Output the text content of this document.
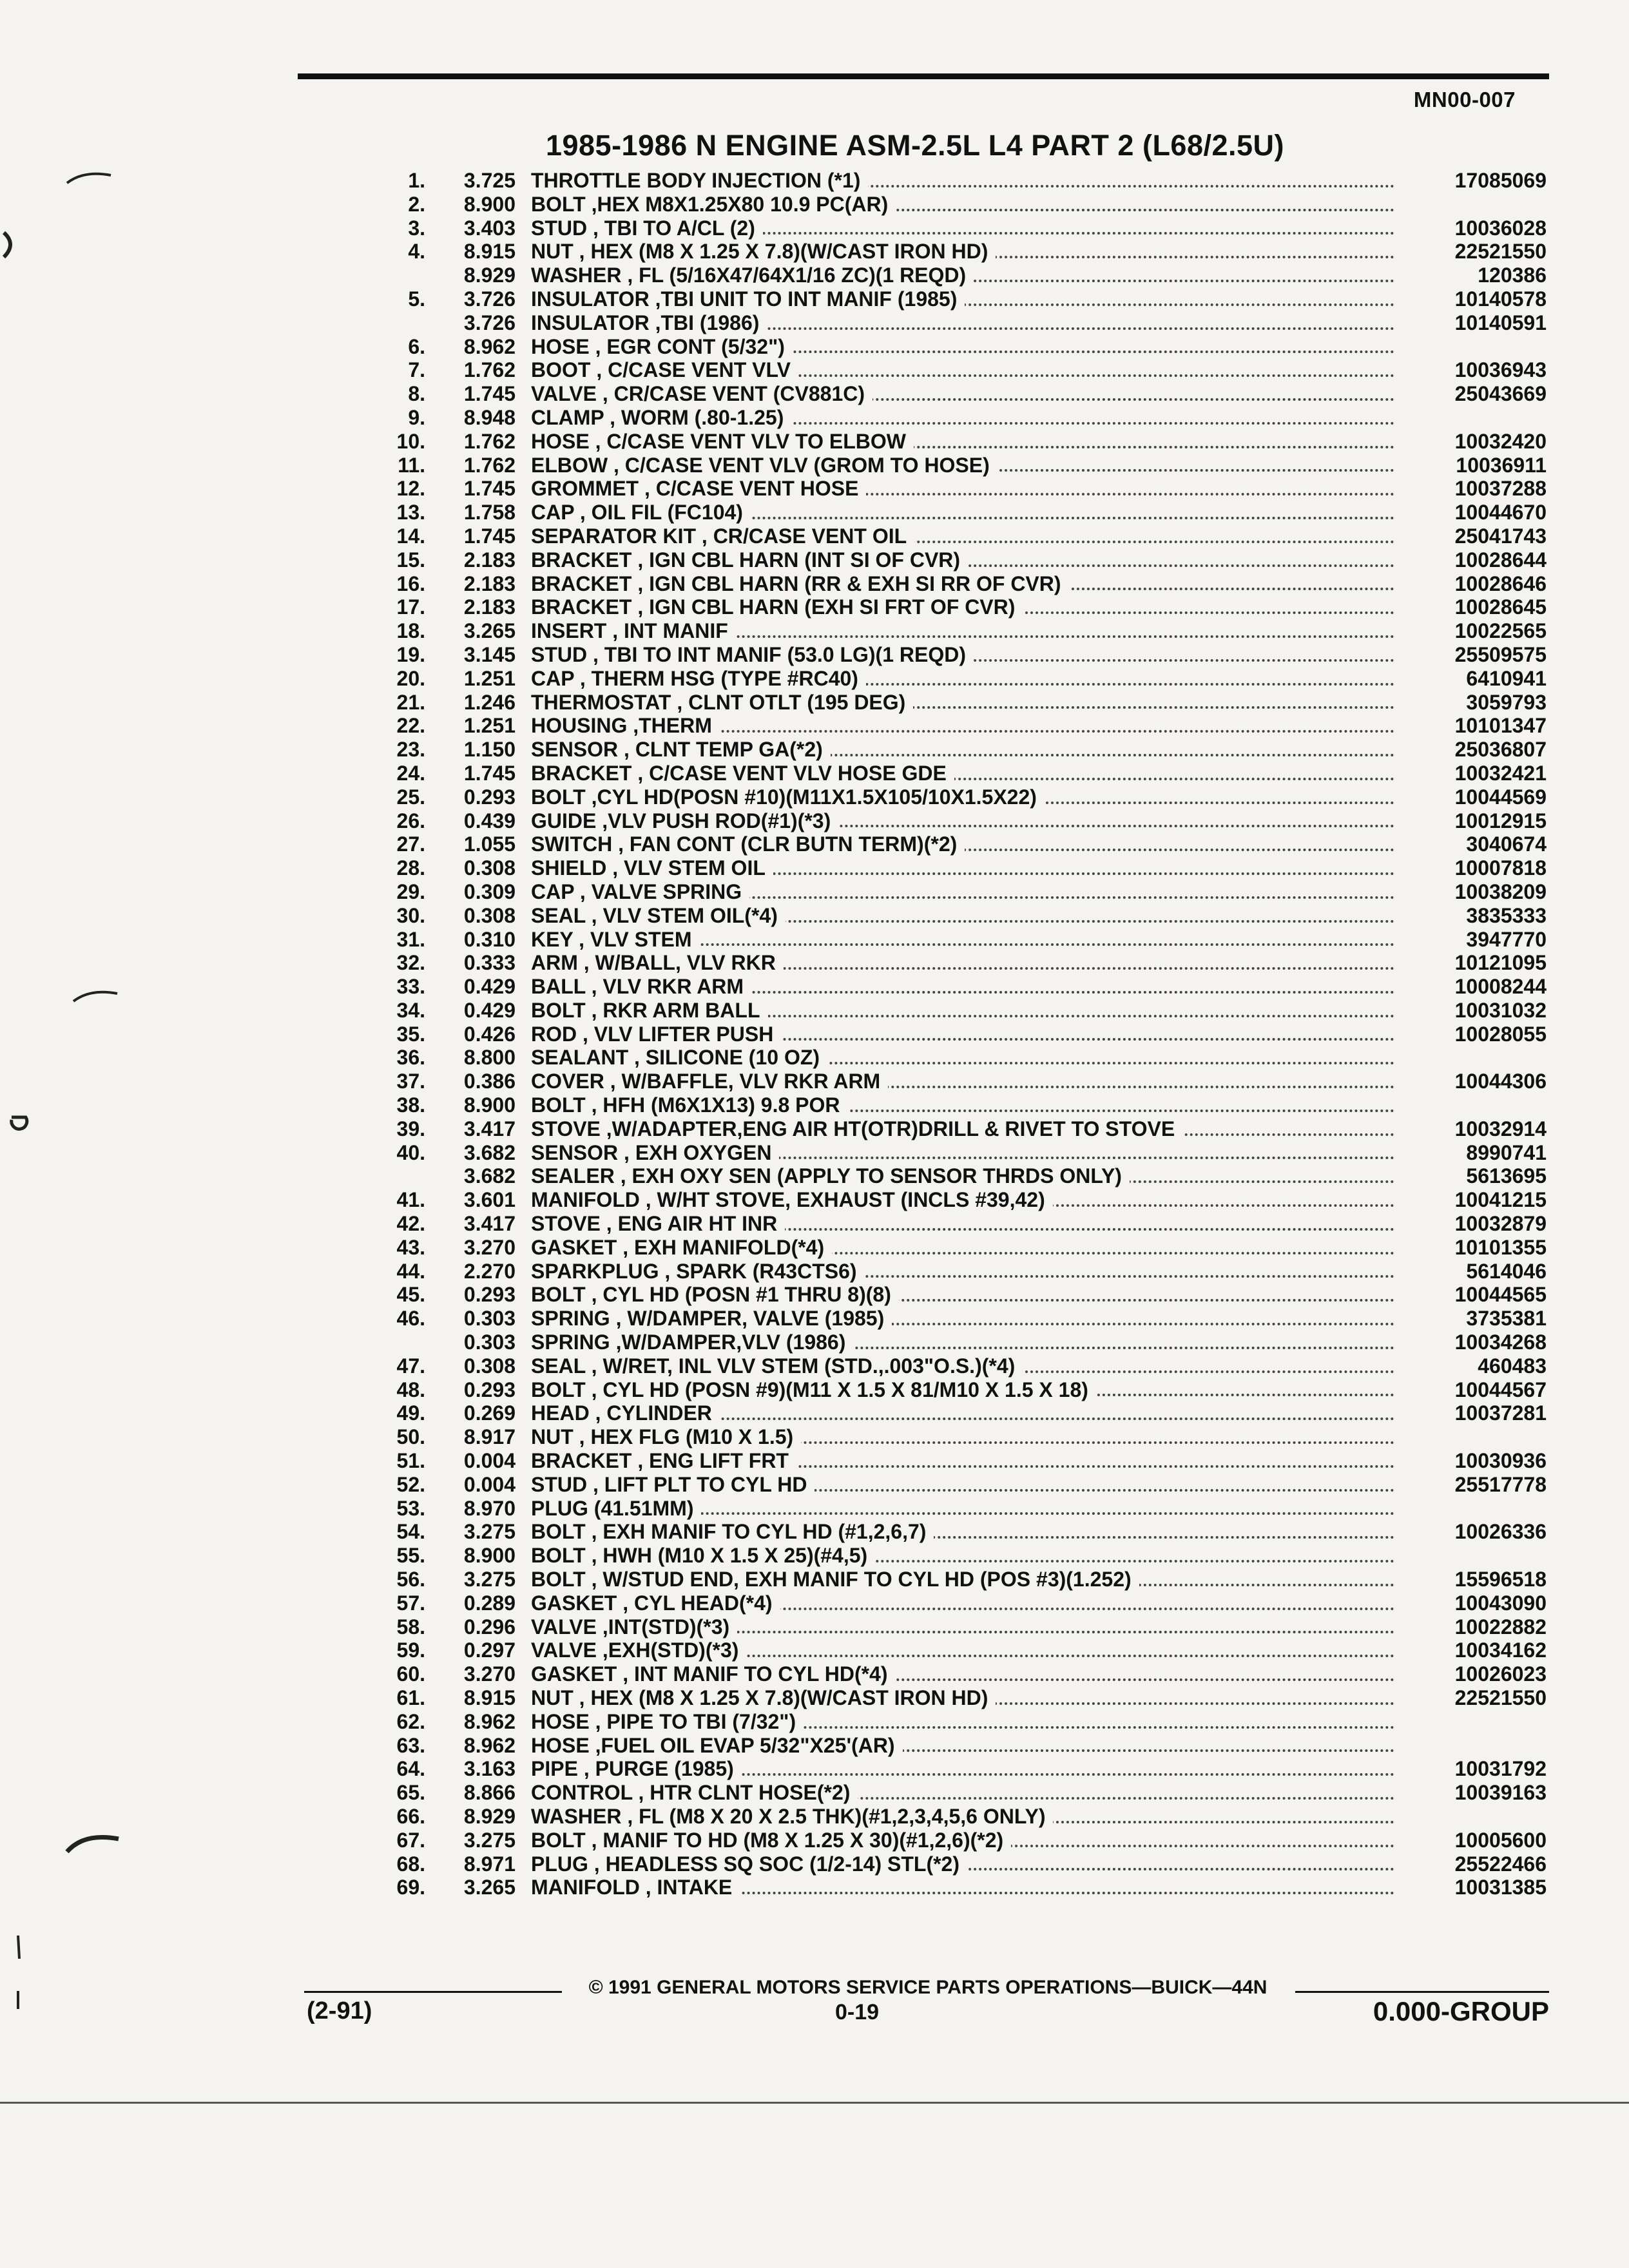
MN00-007
1985-1986 N ENGINE ASM-2.5L L4 PART 2 (L68/2.5U)
1.	3.725 THROTTLE BODY INJECTION (*1)	17085069
2.	8.900 BOLT ,HEX M8X1.25X80 10.9 PC(AR)
3.	3.403 STUD , TBI TO A/CL (2)	10036028
4.	8.915 NUT , HEX (M8 X 1.25 X 7.8)(W/CAST IRON HD)	22521550
8.929 WASHER , FL (5/16X47/64X1/16 ZC)(1 REQD)	120386
5.	3.726 INSULATOR ,TBI UNIT TO INT MANIF (1985)	10140578
3.726 INSULATOR ,TBI (1986)	10140591
6.	8.962 HOSE , EGR CONT (5/32")
7.	1.762 BOOT , C/CASE VENT VLV	10036943
8.	1.745 VALVE , CR/CASE VENT (CV881C)	25043669
9.	8.948 CLAMP , WORM (.80-1.25)
10.	1.762 HOSE , C/CASE VENT VLV TO ELBOW	10032420
11.	1.762 ELBOW , C/CASE VENT VLV (GROM TO HOSE)	10036911
12.	1.745 GROMMET , C/CASE VENT HOSE	10037288
13.	1.758 CAP , OIL FIL (FC104)	10044670
14.	1.745 SEPARATOR KIT , CR/CASE VENT OIL	25041743
15.	2.183 BRACKET , IGN CBL HARN (INT SI OF CVR)	10028644
16.	2.183 BRACKET , IGN CBL HARN (RR & EXH SI RR OF CVR)	10028646
17.	2.183 BRACKET , IGN CBL HARN (EXH SI FRT OF CVR)	10028645
18.	3.265 INSERT , INT MANIF	10022565
19.	3.145 STUD , TBI TO INT MANIF (53.0 LG)(1 REQD)	25509575
20.	1.251 CAP , THERM HSG (TYPE #RC40)	6410941
21.	1.246 THERMOSTAT , CLNT OTLT (195 DEG)	3059793
22.	1.251 HOUSING ,THERM	10101347
23.	1.150 SENSOR , CLNT TEMP GA(*2)	25036807
24.	1.745 BRACKET , C/CASE VENT VLV HOSE GDE	10032421
25.	0.293 BOLT ,CYL HD(POSN #10)(M11X1.5X105/10X1.5X22)	10044569
26.	0.439 GUIDE ,VLV PUSH ROD(#1)(*3)	10012915
27.	1.055 SWITCH , FAN CONT (CLR BUTN TERM)(*2)	3040674
28.	0.308 SHIELD , VLV STEM OIL	10007818
29.	0.309 CAP , VALVE SPRING	10038209
30.	0.308 SEAL , VLV STEM OIL(*4)	3835333
31.	0.310 KEY , VLV STEM	3947770
32.	0.333 ARM , W/BALL, VLV RKR	10121095
33.	0.429 BALL , VLV RKR ARM	10008244
34.	0.429 BOLT , RKR ARM BALL	10031032
35.	0.426 ROD , VLV LIFTER PUSH	10028055
36.	8.800 SEALANT , SILICONE (10 OZ)
37.	0.386 COVER , W/BAFFLE, VLV RKR ARM	10044306
38.	8.900 BOLT , HFH (M6X1X13) 9.8 POR
39.	3.417 STOVE ,W/ADAPTER,ENG AIR HT(OTR)DRILL & RIVET TO STOVE	10032914
40.	3.682 SENSOR , EXH OXYGEN	8990741
3.682 SEALER , EXH OXY SEN (APPLY TO SENSOR THRDS ONLY)	5613695
41.	3.601 MANIFOLD , W/HT STOVE, EXHAUST (INCLS #39,42)	10041215
42.	3.417 STOVE , ENG AIR HT INR	10032879
43.	3.270 GASKET , EXH MANIFOLD(*4)	10101355
44.	2.270 SPARKPLUG , SPARK (R43CTS6)	5614046
45.	0.293 BOLT , CYL HD (POSN #1 THRU 8)(8)	10044565
46.	0.303 SPRING , W/DAMPER, VALVE (1985)	3735381
0.303 SPRING ,W/DAMPER,VLV (1986)	10034268
47.	0.308 SEAL , W/RET, INL VLV STEM (STD.,.003"O.S.)(*4)	460483
48.	0.293 BOLT , CYL HD (POSN #9)(M11 X 1.5 X 81/M10 X 1.5 X 18)	10044567
49.	0.269 HEAD , CYLINDER	10037281
50.	8.917 NUT , HEX FLG (M10 X 1.5)
51.	0.004 BRACKET , ENG LIFT FRT	10030936
52.	0.004 STUD , LIFT PLT TO CYL HD	25517778
53.	8.970 PLUG (41.51MM)
54.	3.275 BOLT , EXH MANIF TO CYL HD (#1,2,6,7)	10026336
55.	8.900 BOLT , HWH (M10 X 1.5 X 25)(#4,5)
56.	3.275 BOLT , W/STUD END, EXH MANIF TO CYL HD (POS #3)(1.252)	15596518
57.	0.289 GASKET , CYL HEAD(*4)	10043090
58.	0.296 VALVE ,INT(STD)(*3)	10022882
59.	0.297 VALVE ,EXH(STD)(*3)	10034162
60.	3.270 GASKET , INT MANIF TO CYL HD(*4)	10026023
61.	8.915 NUT , HEX (M8 X 1.25 X 7.8)(W/CAST IRON HD)	22521550
62.	8.962 HOSE , PIPE TO TBI (7/32")
63.	8.962 HOSE ,FUEL OIL EVAP 5/32"X25'(AR)
64.	3.163 PIPE , PURGE (1985)	10031792
65.	8.866 CONTROL , HTR CLNT HOSE(*2)	10039163
66.	8.929 WASHER , FL (M8 X 20 X 2.5 THK)(#1,2,3,4,5,6 ONLY)
67.	3.275 BOLT , MANIF TO HD (M8 X 1.25 X 30)(#1,2,6)(*2)	10005600
68.	8.971 PLUG , HEADLESS SQ SOC (1/2-14) STL(*2)	25522466
69.	3.265 MANIFOLD , INTAKE	10031385
© 1991 GENERAL MOTORS SERVICE PARTS OPERATIONS—BUICK—44N
(2-91)	0-19	0.000-GROUP
